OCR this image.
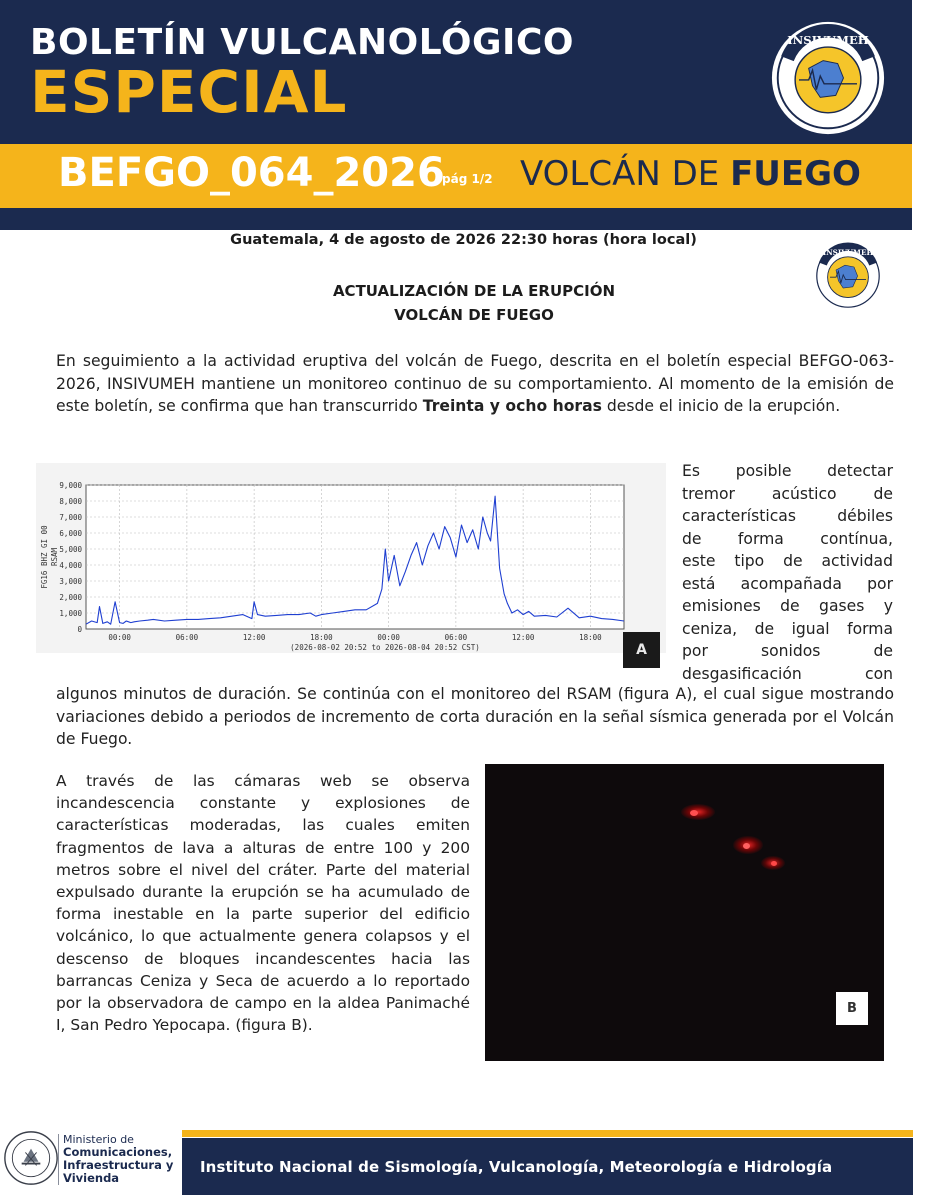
BOLETÍN VULCANOLÓGICO
ESPECIAL
BEFGO_064_2026
pág 1/2 VOLCÁN DE FUEGO
INSIVUMEH
INSIVUMEH
Guatemala, 4 de agosto de 2026 22:30 horas (hora local)
ACTUALIZACIÓN DE LA ERUPCIÓN
VOLCÁN DE FUEGO

En seguimiento a la actividad eruptiva del volcán de Fuego, descrita en el boletín especial BEFGO-063-2026, INSIVUMEH mantiene un monitoreo continuo de su comportamiento. Al momento de la emisión de este boletín, se confirma que han transcurrido Treinta y ocho horas desde el inicio de la erupción.

0
1,000
2,000
3,000
4,000
5,000
6,000
7,000
8,000
9,000
00:00	06:00	12:00	18:00	00:00	06:00	12:00	18:00
FG16 BHZ GI 00 RSAM
(2026-08-02 20:52 to 2026-08-04 20:52 CST)	A

Es posible detectar
tremor acústico de
características débiles
de forma contínua,
este tipo de actividad
está acompañada por
emisiones de gases y
ceniza, de igual forma
por sonidos de
desgasificación con

algunos minutos de duración. Se continúa con el monitoreo del RSAM (figura A), el cual sigue mostrando variaciones debido a periodos de incremento de corta duración en la señal sísmica generada por el Volcán de Fuego.

A través de las cámaras web se observa incandescencia constante y explosiones de características moderadas, las cuales emiten fragmentos de lava a alturas de entre 100 y 200 metros sobre el nivel del cráter. Parte del material expulsado durante la erupción se ha acumulado de forma inestable en la parte superior del edificio volcánico, lo que actualmente genera colapsos y el descenso de bloques incandescentes hacia las barrancas Ceniza y Seca de acuerdo a lo reportado por la observadora de campo en la aldea Panimaché I, San Pedro Yepocapa. (figura B).

B
Ministerio de
Comunicaciones,
Infraestructura y
Vivienda
Instituto Nacional de Sismología, Vulcanología, Meteorología e Hidrología
